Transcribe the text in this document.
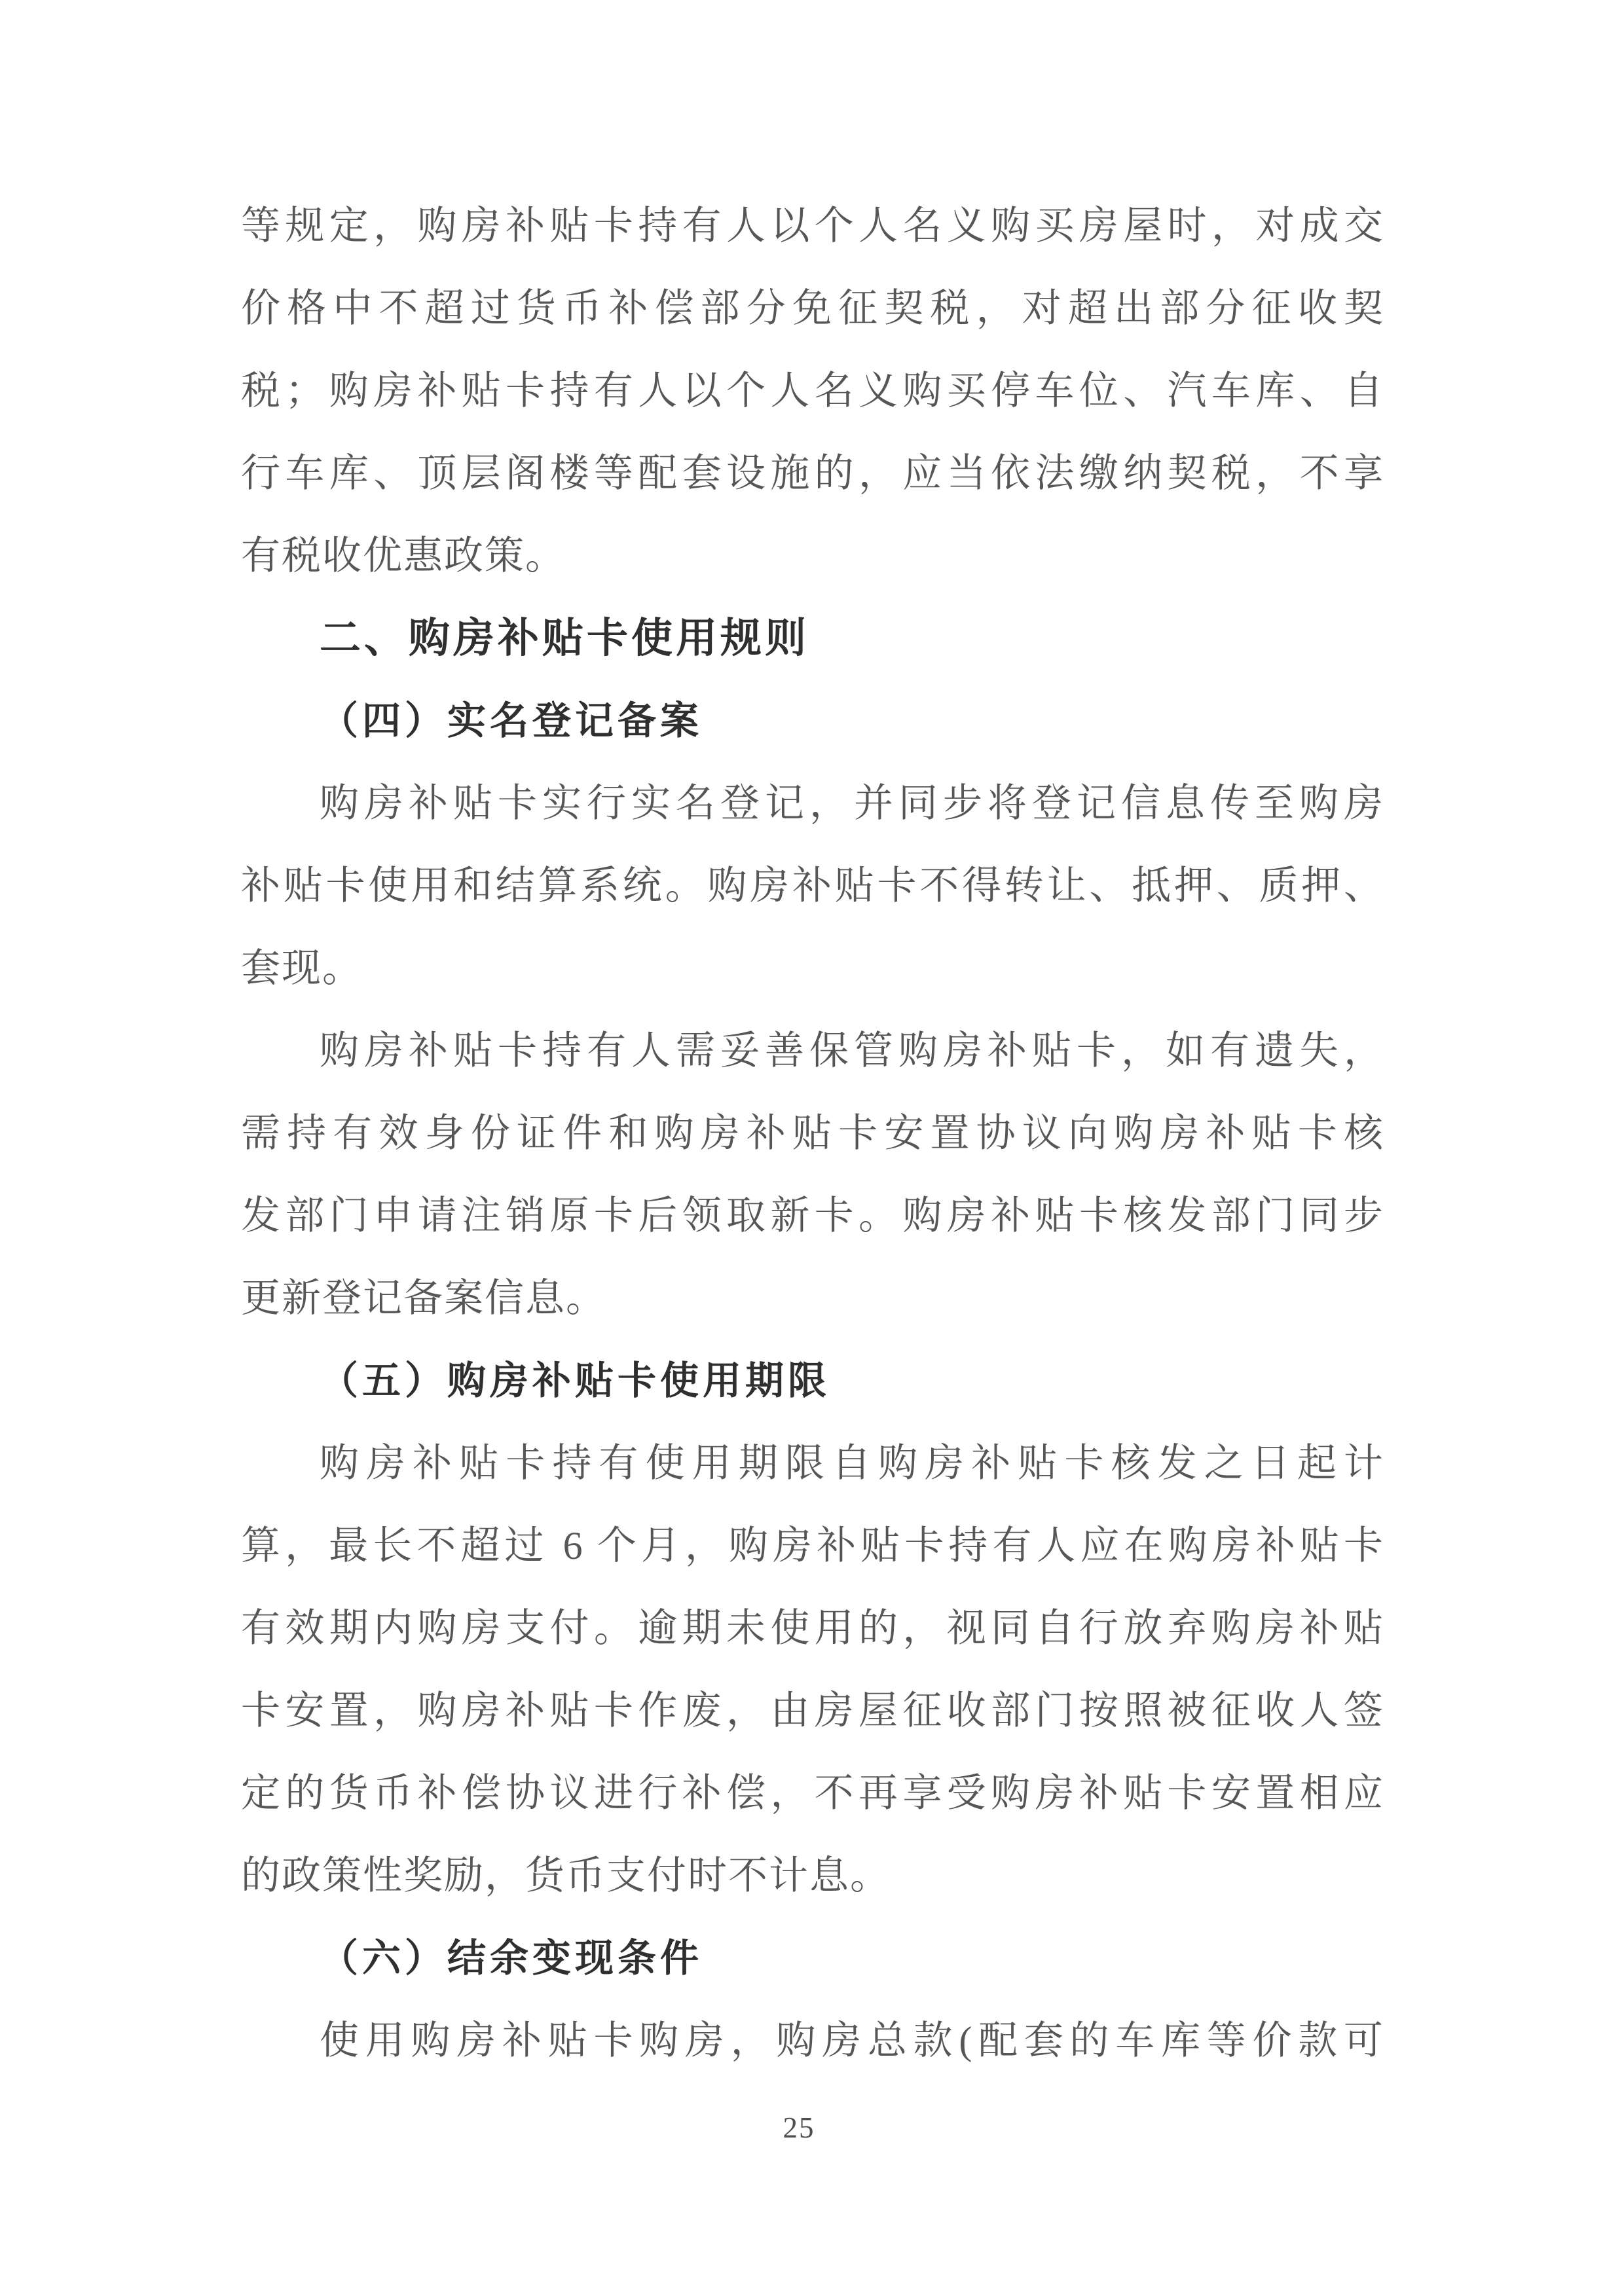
等规定，购房补贴卡持有人以个人名义购买房屋时，对成交
价格中不超过货币补偿部分免征契税，对超出部分征收契
税；购房补贴卡持有人以个人名义购买停车位、汽车库、自
行车库、顶层阁楼等配套设施的，应当依法缴纳契税，不享
有税收优惠政策。
二、购房补贴卡使用规则
（四）实名登记备案
购房补贴卡实行实名登记，并同步将登记信息传至购房
补贴卡使用和结算系统。购房补贴卡不得转让、抵押、质押、
套现。
购房补贴卡持有人需妥善保管购房补贴卡，如有遗失，
需持有效身份证件和购房补贴卡安置协议向购房补贴卡核
发部门申请注销原卡后领取新卡。购房补贴卡核发部门同步
更新登记备案信息。
（五）购房补贴卡使用期限
购房补贴卡持有使用期限自购房补贴卡核发之日起计
算，最长不超过 6 个月，购房补贴卡持有人应在购房补贴卡
有效期内购房支付。逾期未使用的，视同自行放弃购房补贴
卡安置，购房补贴卡作废，由房屋征收部门按照被征收人签
定的货币补偿协议进行补偿，不再享受购房补贴卡安置相应
的政策性奖励，货币支付时不计息。
（六）结余变现条件
使用购房补贴卡购房，购房总款(配套的车库等价款可
25
